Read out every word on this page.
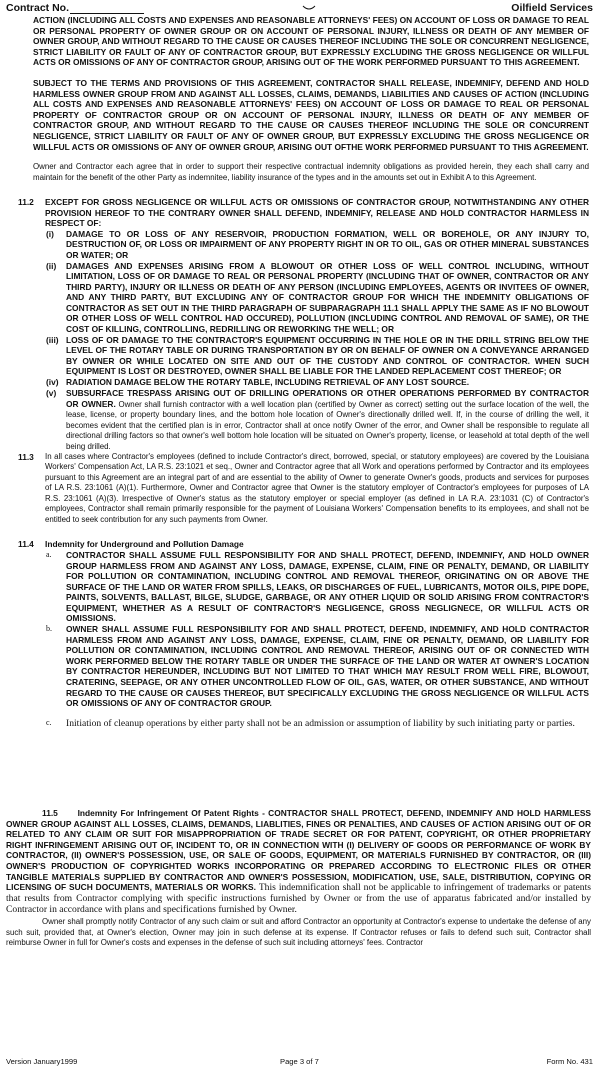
Contract No.	Oilfield Services

ACTION (INCLUDING ALL COSTS AND EXPENSES AND REASONABLE ATTORNEYS' FEES) ON ACCOUNT OF LOSS OR DAMAGE TO REAL OR PERSONAL PROPERTY OF OWNER GROUP OR ON ACCOUNT OF PERSONAL INJURY, ILLNESS OR DEATH OF ANY MEMBER OF OWNER GROUP, AND WITHOUT REGARD TO THE CAUSE OR CAUSES THEREOF INCLUDING THE SOLE OR CONCURRENT NEGLIGENCE, STRICT LIABILITY OR FAULT OF ANY OF CONTRACTOR GROUP, BUT EXPRESSLY EXCLUDING THE GROSS NEGLIGENCE OR WILLFUL ACTS OR OMISSIONS OF ANY OF CONTRACTOR GROUP, ARISING OUT OF THE WORK PERFORMED PURSUANT TO THIS AGREEMENT.

SUBJECT TO THE TERMS AND PROVISIONS OF THIS AGREEMENT, CONTRACTOR SHALL RELEASE, INDEMNIFY, DEFEND AND HOLD HARMLESS OWNER GROUP FROM AND AGAINST ALL LOSSES, CLAIMS, DEMANDS, LIABILITIES AND CAUSES OF ACTION (INCLUDING ALL COSTS AND EXPENSES AND REASONABLE ATTORNEYS' FEES) ON ACCOUNT OF LOSS OR DAMAGE TO REAL OR PERSONAL PROPERTY OF CONTRACTOR GROUP OR ON ACCOUNT OF PERSONAL INJURY, ILLNESS OR DEATH OF ANY MEMBER OF CONTRACTOR GROUP, AND WITHOUT REGARD TO THE CAUSE OR CAUSES THEREOF INCLUDING THE SOLE OR CONCURRENT NEGLIGENCE, STRICT LIABILITY OR FAULT OF ANY OF OWNER GROUP, BUT EXPRESSLY EXCLUDING THE GROSS NEGLIGENCE OR WILLFUL ACTS OR OMISSIONS OF ANY OF OWNER GROUP, ARISING OUT OFTHE WORK PERFORMED PURSUANT TO THIS AGREEMENT.

Owner and Contractor each agree that in order to support their respective contractual indemnity obligations as provided herein, they each shall carry and maintain for the benefit of the other Party as indemnitee, liability insurance of the types and in the amounts set out in Exhibit A to this Agreement.

11.2 EXCEPT FOR GROSS NEGLIGENCE OR WILLFUL ACTS OR OMISSIONS OF CONTRACTOR GROUP, NOTWITHSTANDING ANY OTHER PROVISION HEREOF TO THE CONTRARY OWNER SHALL DEFEND, INDEMNIFY, RELEASE AND HOLD CONTRACTOR HARMLESS IN RESPECT OF:

(i) DAMAGE TO OR LOSS OF ANY RESERVOIR, PRODUCTION FORMATION, WELL OR BOREHOLE, OR ANY INJURY TO, DESTRUCTION OF, OR LOSS OR IMPAIRMENT OF ANY PROPERTY RIGHT IN OR TO OIL, GAS OR OTHER MINERAL SUBSTANCES OR WATER; OR

(ii) DAMAGES AND EXPENSES ARISING FROM A BLOWOUT OR OTHER LOSS OF WELL CONTROL INCLUDING, WITHOUT LIMITATION, LOSS OF OR DAMAGE TO REAL OR PERSONAL PROPERTY (INCLUDING THAT OF OWNER, CONTRACTOR OR ANY THIRD PARTY), INJURY OR ILLNESS OR DEATH OF ANY PERSON (INCLUDING EMPLOYEES, AGENTS OR INVITEES OF OWNER, AND ANY THIRD PARTY, BUT EXCLUDING ANY OF CONTRACTOR GROUP FOR WHICH THE INDEMNITY OBLIGATIONS OF CONTRACTOR AS SET OUT IN THE THIRD PARAGRAPH OF SUBPARAGRAPH 11.1 SHALL APPLY THE SAME AS IF NO BLOWOUT OR OTHER LOSS OF WELL CONTROL HAD OCCURED), POLLUTION (INCLUDING CONTROL AND REMOVAL OF SAME), OR THE COST OF KILLING, CONTROLLING, REDRILLING OR REWORKING THE WELL; OR

(iii) LOSS OF OR DAMAGE TO THE CONTRACTOR'S EQUIPMENT OCCURRING IN THE HOLE OR IN THE DRILL STRING BELOW THE LEVEL OF THE ROTARY TABLE OR DURING TRANSPORTATION BY OR ON BEHALF OF OWNER ON A CONVEYANCE ARRANGED BY OWNER OR WHILE LOCATED ON SITE AND OUT OF THE CUSTODY AND CONTROL OF CONTRACTOR. WHEN SUCH EQUIPMENT IS LOST OR DESTROYED, OWNER SHALL BE LIABLE FOR THE LANDED REPLACEMENT COST THEREOF; OR

(iv) RADIATION DAMAGE BELOW THE ROTARY TABLE, INCLUDING RETRIEVAL OF ANY LOST SOURCE.

(v) SUBSURFACE TRESPASS ARISING OUT OF DRILLING OPERATIONS OR OTHER OPERATIONS PERFORMED BY CONTRACTOR OR OWNER. Owner shall furnish contractor with a well location plan (certified by Owner as correct) setting out the surface location of the well, the lease, license, or property boundary lines, and the bottom hole location of Owner's directionally drilled well. If, in the course of drilling the well, it becomes evident that the certified plan is in error, Contractor shall at once notify Owner of the error, and Owner shall be responsible to regulate all directional drilling factors so that owner's well bottom hole location will be situated on Owner's property, license, or leasehold at total depth of the well being drilled.

11.3 In all cases where Contractor's employees (defined to include Contractor's direct, borrowed, special, or statutory employees) are covered by the Louisiana Workers' Compensation Act, LA R.S. 23:1021 et seq., Owner and Contractor agree that all Work and operations performed by Contractor and its employees pursuant to this Agreement are an integral part of and are essential to the ability of Owner to generate Owner's goods, products and services for purposes of LA R.S. 23:1061 (A)(1). Furthermore, Owner and Contractor agree that Owner is the statutory employer of Contractor's employees for purposes of LA R.S. 23:1061 (A)(3). Irrespective of Owner's status as the statutory employer or special employer (as defined in LA R.A. 23:1031 (C) of Contractor's employees, Contractor shall remain primarily responsible for the payment of Louisiana Workers' Compensation benefits to its employees, and shall not be entitled to seek contribution for any such payments from Owner.

11.4 Indemnity for Underground and Pollution Damage
a. CONTRACTOR SHALL ASSUME FULL RESPONSIBILITY FOR AND SHALL PROTECT, DEFEND, INDEMNIFY, AND HOLD OWNER GROUP HARMLESS FROM AND AGAINST ANY LOSS, DAMAGE, EXPENSE, CLAIM, FINE OR PENALTY, DEMAND, OR LIABILITY FOR POLLUTION OR CONTAMINATION, INCLUDING CONTROL AND REMOVAL THEREOF, ORIGINATING ON OR ABOVE THE SURFACE OF THE LAND OR WATER FROM SPILLS, LEAKS, OR DISCHARGES OF FUEL, LUBRICANTS, MOTOR OILS, PIPE DOPE, PAINTS, SOLVENTS, BALLAST, BILGE, SLUDGE, GARBAGE, OR ANY OTHER LIQUID OR SOLID ARISING FROM CONTRACTOR'S EQUIPMENT, WHETHER AS A RESULT OF CONTRACTOR'S NEGLIGENCE, GROSS NEGLIGNECE, OR WILLFUL ACTS OR OMISSIONS.

b. OWNER SHALL ASSUME FULL RESPONSIBILITY FOR AND SHALL PROTECT, DEFEND, INDEMNIFY, AND HOLD CONTRACTOR HARMLESS FROM AND AGAINST ANY LOSS, DAMAGE, EXPENSE, CLAIM, FINE OR PENALTY, DEMAND, OR LIABILITY FOR POLLUTION OR CONTAMINATION, INCLUDING CONTROL AND REMOVAL THEREOF, ARISING OUT OF OR CONNECTED WITH WORK PERFORMED BELOW THE ROTARY TABLE OR UNDER THE SURFACE OF THE LAND OR WATER AT OWNER'S LOCATION BY CONTRACTOR HEREUNDER, INCLUDING BUT NOT LIMITED TO THAT WHICH MAY RESULT FROM WELL FIRE, BLOWOUT, CRATERING, SEEPAGE, OR ANY OTHER UNCONTROLLED FLOW OF OIL, GAS, WATER, OR OTHER SUBSTANCE, AND WITHOUT REGARD TO THE CAUSE OR CAUSES THEREOF, BUT SPECIFICALLY EXCLUDING THE GROSS NEGLIGENCE OR WILLFUL ACTS OR OMISSIONS OF ANY OF CONTRACTOR GROUP.

c. Initiation of cleanup operations by either party shall not be an admission or assumption of liability by such initiating party or parties.

11.5 Indemnity For Infringement Of Patent Rights - CONTRACTOR SHALL PROTECT, DEFEND, INDEMNIFY AND HOLD HARMLESS OWNER GROUP AGAINST ALL LOSSES, CLAIMS, DEMANDS, LIABLITIES, FINES OR PENALTIES, AND CAUSES OF ACTION ARISING OUT OF OR RELATED TO ANY CLAIM OR SUIT FOR MISAPPROPRIATION OF TRADE SECRET OR FOR PATENT, COPYRIGHT, OR OTHER PROPRIETARY RIGHT INFRINGEMENT ARISING OUT OF, INCIDENT TO, OR IN CONNECTION WITH (I) DELIVERY OF GOODS OR PERFORMANCE OF WORK BY CONTRACTOR, (II) OWNER'S POSSESSION, USE, OR SALE OF GOODS, EQUIPMENT, OR MATERIALS FURNISHED BY CONTRACTOR, OR (III) OWNER'S PRODUCTION OF COPYRIGHTED WORKS INCORPORATING OR PREPARED ACCORDING TO ELECTRONIC FILES OR OTHER TANGIBLE MATERIALS SUPPLIED BY CONTRACTOR AND OWNER'S POSSESSION, MODIFICATION, USE, SALE, DISTRIBUTION, COPYING OR LICENSING OF SUCH DOCUMENTS, MATERIALS OR WORKS. This indemnification shall not be applicable to infringement of trademarks or patents that results from Contractor complying with specific instructions furnished by Owner or from the use of apparatus fabricated and/or installed by Contractor in accordance with plans and specifications furnished by Owner.

Owner shall promptly notify Contractor of any such claim or suit and afford Contractor an opportunity at Contractor's expense to undertake the defense of any such suit, provided that, at Owner's election, Owner may join in such defense at its expense. If Contractor refuses or fails to defend such suit, Contractor shall reimburse Owner in full for Owner's costs and expenses in the defense of such suit including attorneys' fees. Contractor

Version January1999	Page 3 of 7	Form No. 431
